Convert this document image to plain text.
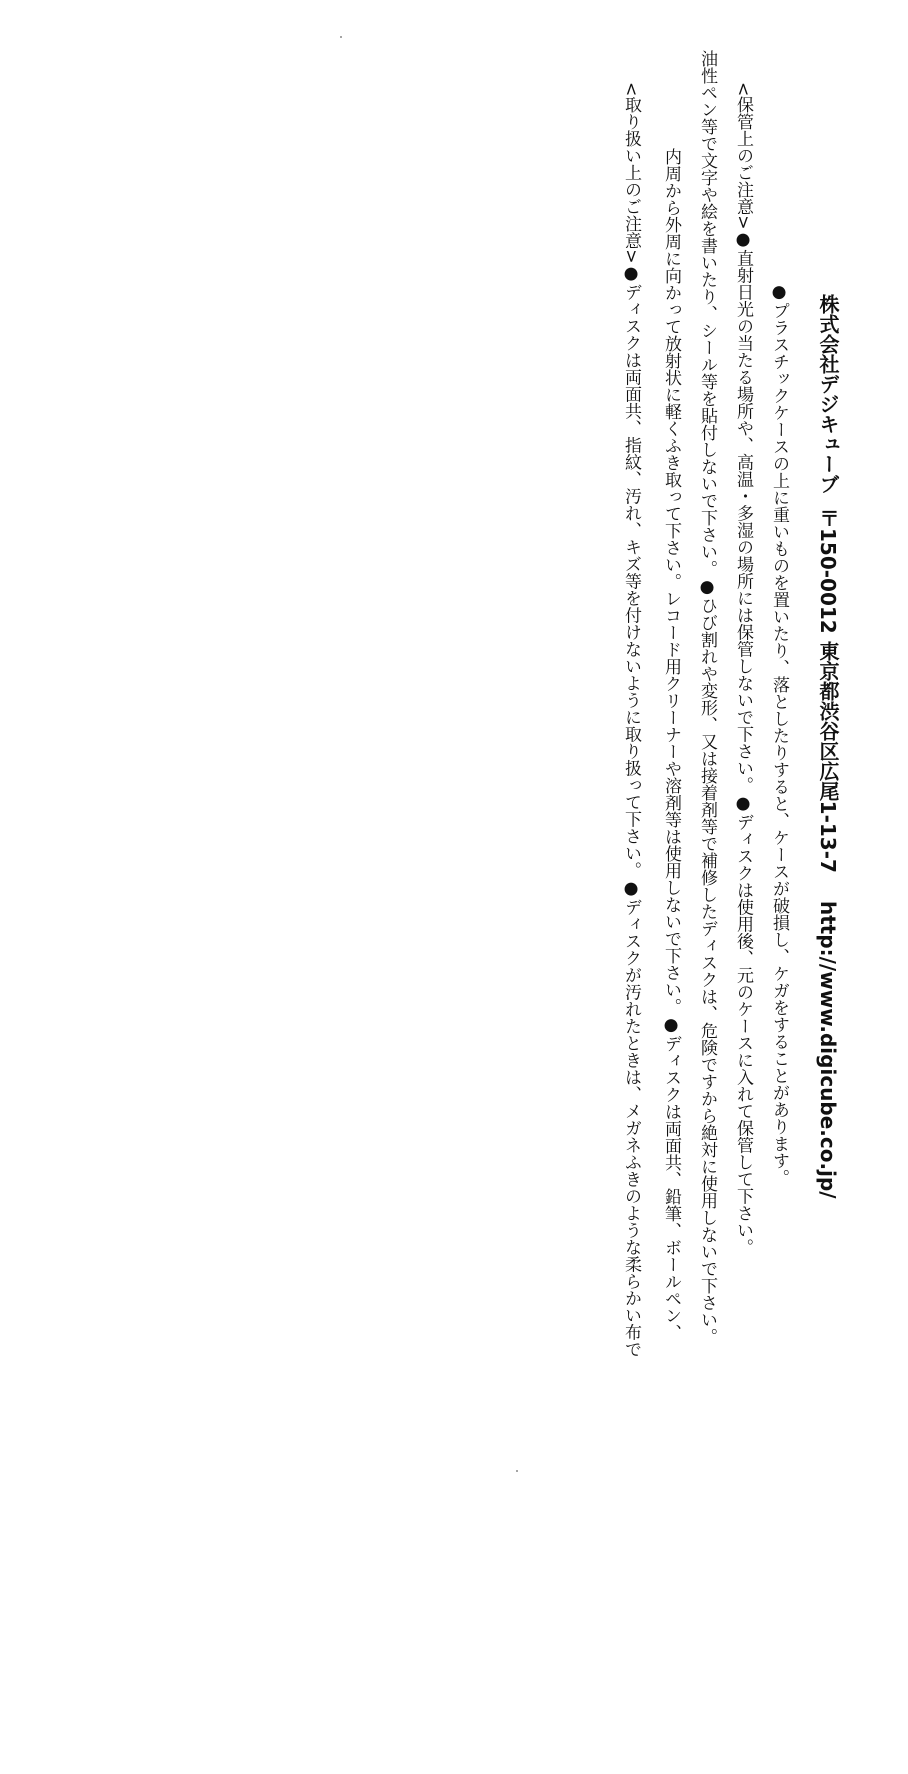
<取り扱い上のご注意>●ディスクは両面共、指紋、汚れ、キズ等を付けないように取り扱って下さい。●ディスクが汚れたときは、メガネふきのような柔らかい布で 内周から外周に向かって放射状に軽くふき取って下さい。レコード用クリーナーや溶剤等は使用しないで下さい。●ディスクは両面共、鉛筆、ボールペン、 油性ペン等で文字や絵を書いたり、シール等を貼付しないで下さい。●ひび割れや変形、又は接着剤等で補修したディスクは、危険ですから絶対に使用しないで下さい。 <保管上のご注意>●直射日光の当たる場所や、高温・多湿の場所には保管しないで下さい。●ディスクは使用後、元のケースに入れて保管して下さい。 ●プラスチックケースの上に重いものを置いたり、落としたりすると、ケースが破損し、ケガをすることがあります。 株式会社デジキューブ〒150-0012 東京都渋谷区広尾1-13-7http://www.digicube.co.jp/
